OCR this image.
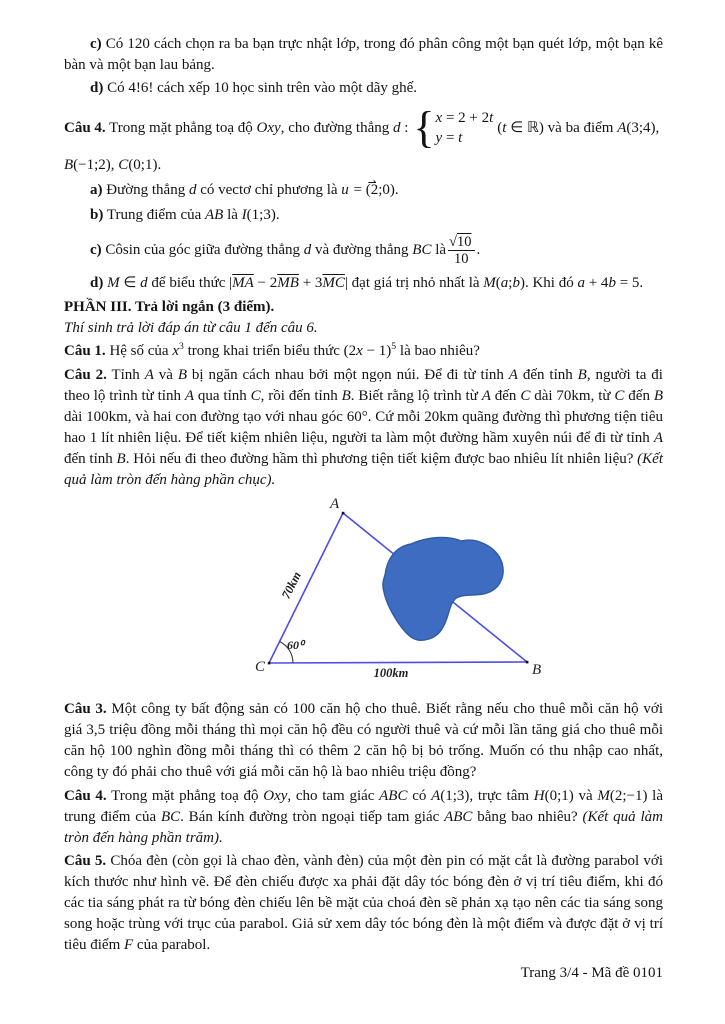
c) Có 120 cách chọn ra ba bạn trực nhật lớp, trong đó phân công một bạn quét lớp, một bạn kê bàn và một bạn lau bảng.

d) Có 4!6! cách xếp 10 học sinh trên vào một dãy ghế.

Câu 4. Trong mặt phẳng toạ độ Oxy, cho đường thẳng d : { x = 2 + 2t
y = t
(t ∈ ℝ) và ba điểm A(3;4),

B(−1;2), C(0;1).

a) Đường thẳng d có vectơ chỉ phương là u ⇀ = (2;0).

b) Trung điểm của AB là I(1;3).

c) Côsin của góc giữa đường thẳng d và đường thẳng BC là $\frac{√10}{10}$ .

d) M ∈ d để biểu thức $|\overline{MA} - 2\overline{MB} + 3\overline{MC}|$ đạt giá trị nhỏ nhất là M(a;b). Khi đó a + 4b = 5.

PHẦN III. Trả lời ngắn (3 điểm).

Thí sinh trả lời đáp án từ câu 1 đến câu 6.

Câu 1. Hệ số của $x^3$ trong khai triển biểu thức $(2x - 1)^5$ là bao nhiêu?

Câu 2. Tỉnh A và B bị ngăn cách nhau bởi một ngọn núi. Để đi từ tỉnh A đến tỉnh B, người ta đi theo lộ trình từ tỉnh A qua tỉnh C, rồi đến tỉnh B. Biết rằng lộ trình từ A đến C dài 70km, từ C đến B dài 100km, và hai con đường tạo với nhau góc 60°. Cứ mỗi 20km quãng đường thì phương tiện tiêu hao 1 lít nhiên liệu. Để tiết kiệm nhiên liệu, người ta làm một đường hầm xuyên núi để đi từ tỉnh A đến tỉnh B. Hỏi nếu đi theo đường hầm thì phương tiện tiết kiệm được bao nhiêu lít nhiên liệu? (Kết quả làm tròn đến hàng phần chục).

A
C	B
70km
100km
60⁰

Câu 3. Một công ty bất động sản có 100 căn hộ cho thuê. Biết rằng nếu cho thuê mỗi căn hộ với giá 3,5 triệu đồng mỗi tháng thì mọi căn hộ đều có người thuê và cứ mỗi lần tăng giá cho thuê mỗi căn hộ 100 nghìn đồng mỗi tháng thì có thêm 2 căn hộ bị bỏ trống. Muốn có thu nhập cao nhất, công ty đó phải cho thuê với giá mỗi căn hộ là bao nhiêu triệu đồng?

Câu 4. Trong mặt phẳng toạ độ Oxy, cho tam giác ABC có A(1;3), trực tâm H(0;1) và M(2;−1) là trung điểm của BC. Bán kính đường tròn ngoại tiếp tam giác ABC bằng bao nhiêu? (Kết quả làm tròn đến hàng phần trăm).

Câu 5. Chóa đèn (còn gọi là chao đèn, vành đèn) của một đèn pin có mặt cắt là đường parabol với kích thước như hình vẽ. Để đèn chiếu được xa phải đặt dây tóc bóng đèn ở vị trí tiêu điểm, khi đó các tia sáng phát ra từ bóng đèn chiếu lên bề mặt của choá đèn sẽ phản xạ tạo nên các tia sáng song song hoặc trùng với trục của parabol. Giả sử xem dây tóc bóng đèn là một điểm và được đặt ở vị trí tiêu điểm F của parabol.

Trang 3/4 - Mã đề 0101
